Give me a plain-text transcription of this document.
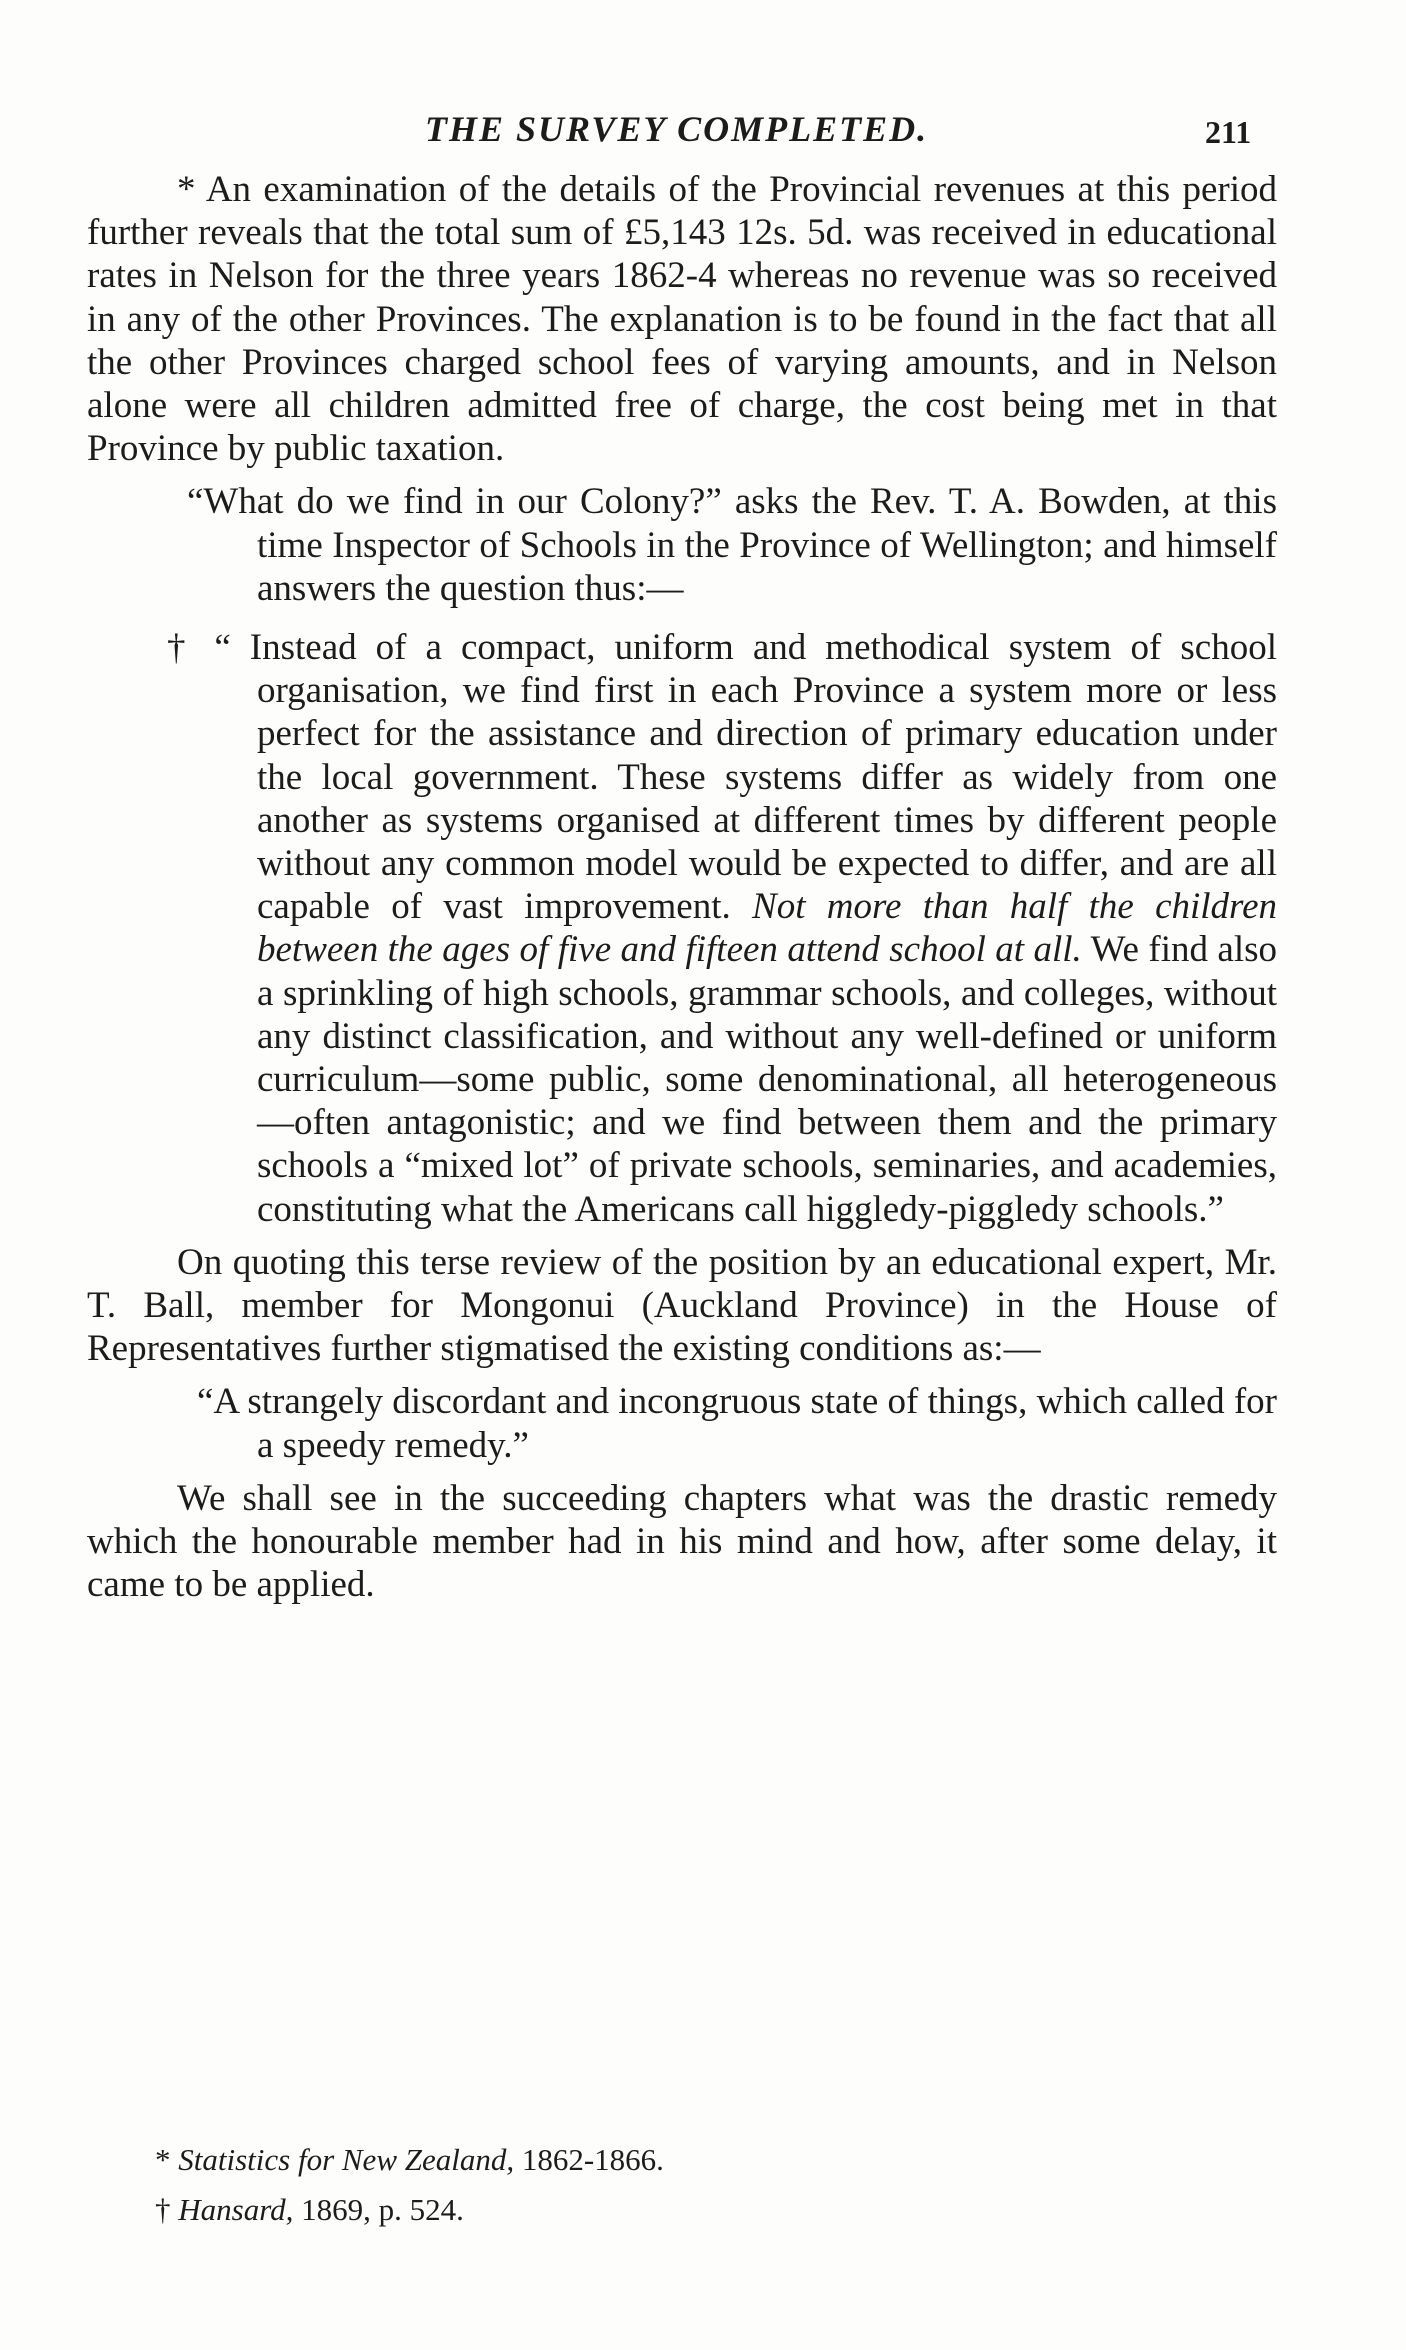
THE SURVEY COMPLETED.	211

* An examination of the details of the Provincial revenues at this period further reveals that the total sum of £5,143 12s. 5d. was received in educational rates in Nelson for the three years 1862-4 whereas no revenue was so received in any of the other Provinces. The explanation is to be found in the fact that all the other Provinces charged school fees of varying amounts, and in Nelson alone were all children admitted free of charge, the cost being met in that Province by public taxation.

“What do we find in our Colony?” asks the Rev. T. A. Bowden, at this time Inspector of Schools in the Province of Wellington; and himself answers the question thus:—

† “ Instead of a compact, uniform and methodical system of school organisation, we find first in each Province a system more or less perfect for the assistance and direction of primary education under the local government. These systems differ as widely from one another as systems organised at different times by different people without any common model would be expected to differ, and are all capable of vast improvement. Not more than half the children between the ages of five and fifteen attend school at all. We find also a sprinkling of high schools, grammar schools, and colleges, without any distinct classification, and without any well-defined or uniform curriculum—some public, some denominational, all heterogeneous—often antagonistic; and we find between them and the primary schools a “mixed lot” of private schools, seminaries, and academies, constituting what the Americans call higgledy-piggledy schools.”

On quoting this terse review of the position by an educational expert, Mr. T. Ball, member for Mongonui (Auckland Province) in the House of Representatives further stigmatised the existing conditions as:—

“A strangely discordant and incongruous state of things, which called for a speedy remedy.”

We shall see in the succeeding chapters what was the drastic remedy which the honourable member had in his mind and how, after some delay, it came to be applied.

* Statistics for New Zealand, 1862-1866.

† Hansard, 1869, p. 524.
